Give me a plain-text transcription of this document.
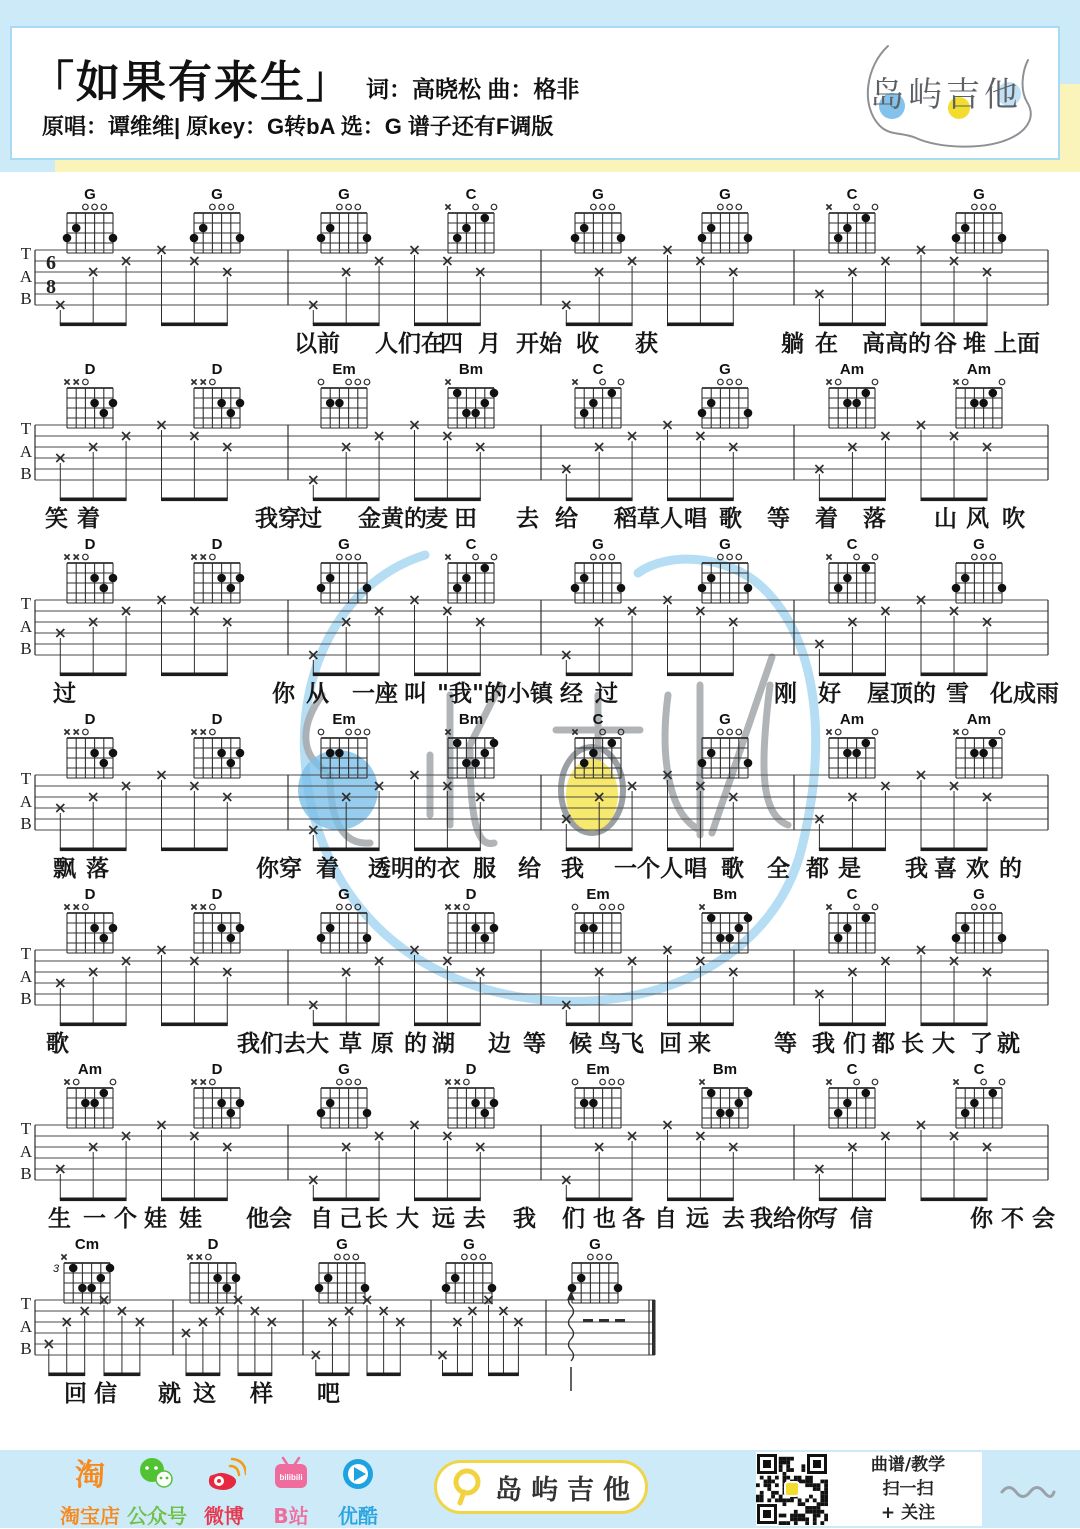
「如果有来生」 词：高晓松 曲：格非
原唱：谭维维| 原key：G转bA 选：G 谱子还有F调版
岛屿吉他
G	G	G	C	G	G	C	G
T
A
B
6
8
以前 人们在
四 月 开始 收 获	躺 在 高高的 谷 堆 上面
D	D	Em	Bm	C	G	Am	Am
T
A
B
笑 着	我穿
过 金黄的
麦 田 去 给 稻草人 唱 歌 等 着 落 山 风 吹
D	D	G	C	G	G	C	G
T
A
B
过	你 从 一座 叫 "我"的小镇 经 过	刚 好 屋顶的 雪 化成雨
D	D	Em	Bm	C	G	Am	Am
T
A
B
飘 落	你穿 着 透明的 衣 服 给 我 一个人 唱 歌 全 都 是 我 喜 欢 的
D	D	G	D	Em	Bm	C	G
T
A
B
歌	我们去 大 草 原 的 湖 边 等 候 鸟飞 回 来	等 我 们 都 长 大 了 就
Am	D	G	D	Em	Bm	C	C
T
A
B
生 一 个 娃 娃 他会 自 己 长 大 远 去 我 们 也 各 自 远 去 我给你
写 信	你 不 会
Cm
3
D	G	G	G
T
A
B
回 信 就 这 样 吧
淘
淘宝店 公众号 微博
bilibili
B站	优酷
岛屿吉他
曲谱/教学
扫一扫
+ 关注
